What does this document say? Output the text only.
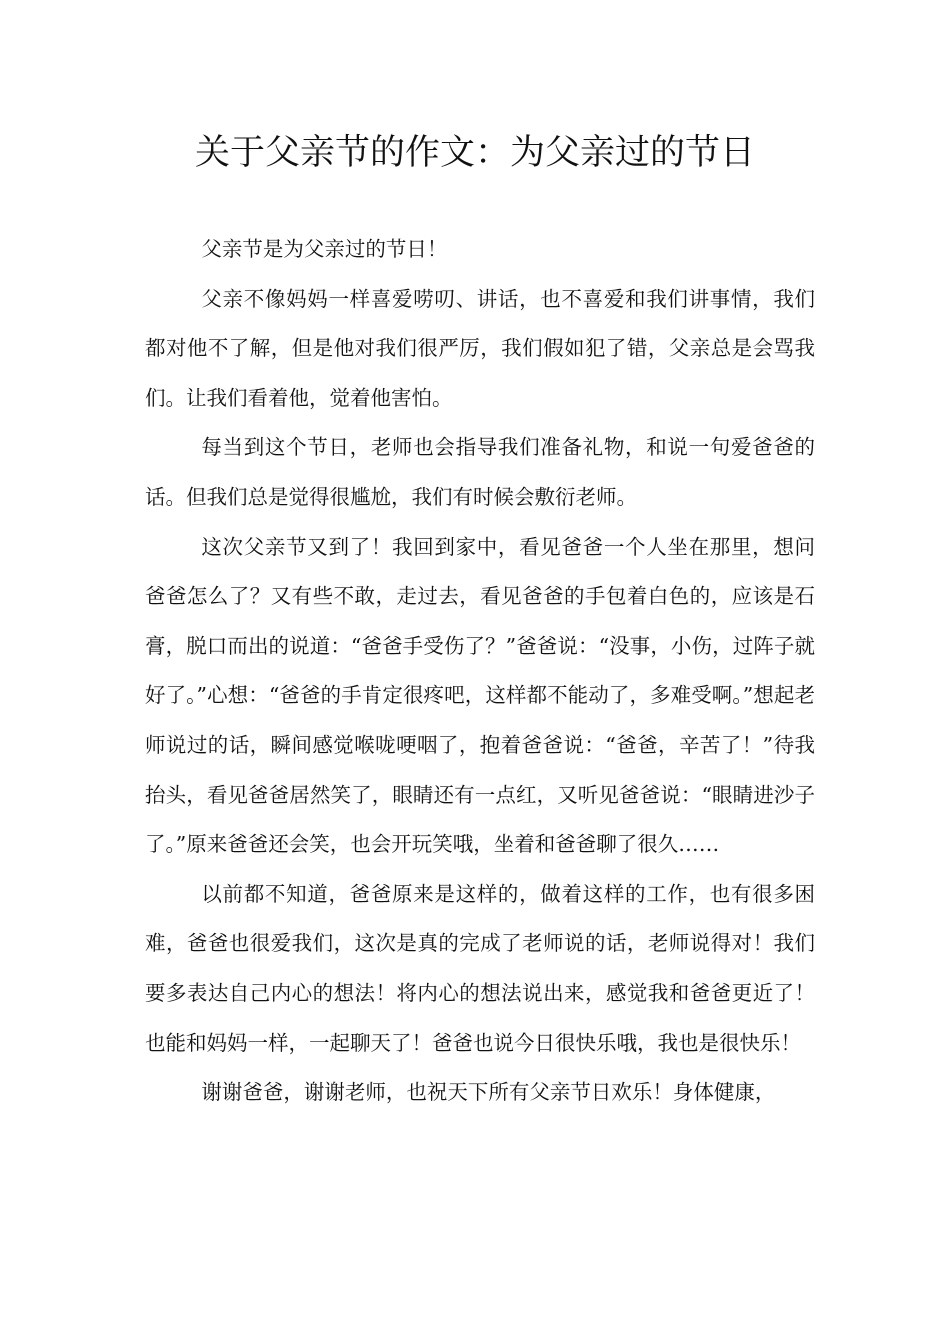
关于父亲节的作文：为父亲过的节日

父亲节是为父亲过的节日！

父亲不像妈妈一样喜爱唠叨、讲话，也不喜爱和我们讲事情，我们都对他不了解，但是他对我们很严厉，我们假如犯了错，父亲总是会骂我们。让我们看着他，觉着他害怕。

每当到这个节日，老师也会指导我们准备礼物，和说一句爱爸爸的话。但我们总是觉得很尴尬，我们有时候会敷衍老师。

这次父亲节又到了！我回到家中，看见爸爸一个人坐在那里，想问爸爸怎么了？又有些不敢，走过去，看见爸爸的手包着白色的，应该是石膏，脱口而出的说道：“爸爸手受伤了？”爸爸说：“没事，小伤，过阵子就好了。”心想：“爸爸的手肯定很疼吧，这样都不能动了，多难受啊。”想起老师说过的话，瞬间感觉喉咙哽咽了，抱着爸爸说：“爸爸，辛苦了！”待我抬头，看见爸爸居然笑了，眼睛还有一点红，又听见爸爸说：“眼睛进沙子了。”原来爸爸还会笑，也会开玩笑哦，坐着和爸爸聊了很久……

以前都不知道，爸爸原来是这样的，做着这样的工作，也有很多困难，爸爸也很爱我们，这次是真的完成了老师说的话，老师说得对！我们要多表达自己内心的想法！将内心的想法说出来，感觉我和爸爸更近了！也能和妈妈一样，一起聊天了！爸爸也说今日很快乐哦，我也是很快乐！

谢谢爸爸，谢谢老师，也祝天下所有父亲节日欢乐！身体健康，
